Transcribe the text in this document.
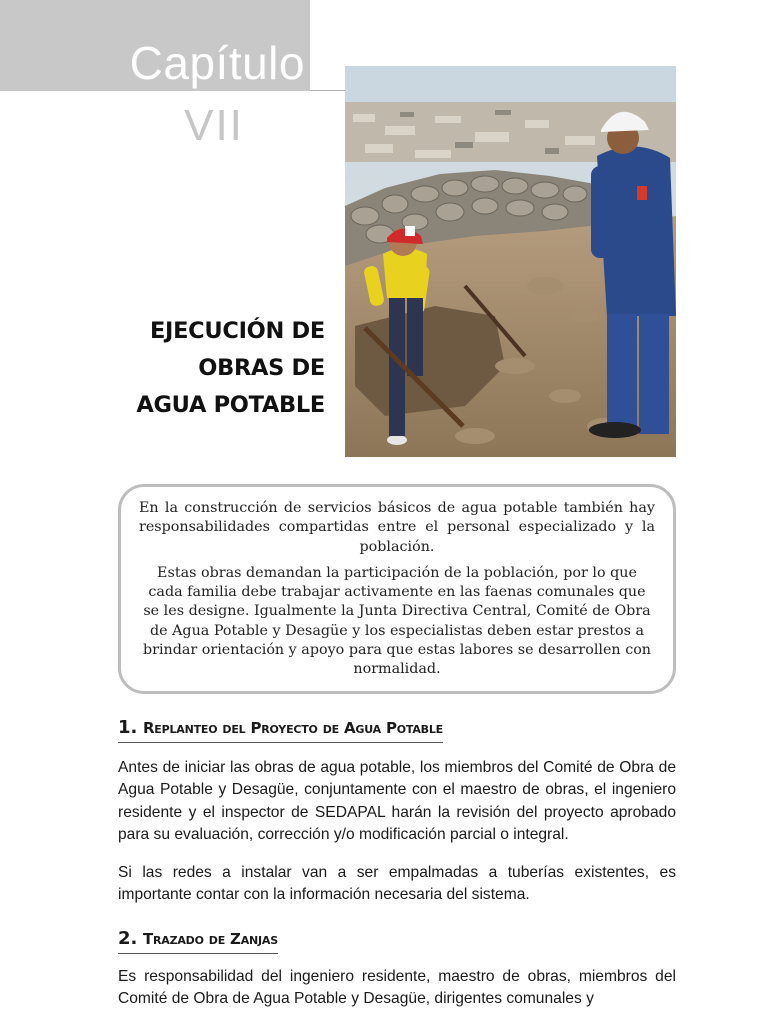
Capítulo
VII
EJECUCIÓN DE
OBRAS DE
AGUA POTABLE

En la construcción de servicios básicos de agua potable también hay responsabilidades compartidas entre el personal especializado y la población.

Estas obras demandan la participación de la población, por lo que cada familia debe trabajar activamente en las faenas comunales que se les designe. Igualmente la Junta Directiva Central, Comité de Obra de Agua Potable y Desagüe y los especialistas deben estar prestos a brindar orientación y apoyo para que estas labores se desarrollen con normalidad.

1. Replanteo del Proyecto de Agua Potable
Antes de iniciar las obras de agua potable, los miembros del Comité de Obra de Agua Potable y Desagüe, conjuntamente con el maestro de obras, el ingeniero residente y el inspector de SEDAPAL harán la revisión del proyecto aprobado para su evaluación, corrección y/o modificación parcial o integral.
Si las redes a instalar van a ser empalmadas a tuberías existentes, es importante contar con la información necesaria del sistema.
2. Trazado de Zanjas
Es responsabilidad del ingeniero residente, maestro de obras, miembros del Comité de Obra de Agua Potable y Desagüe, dirigentes comunales y
